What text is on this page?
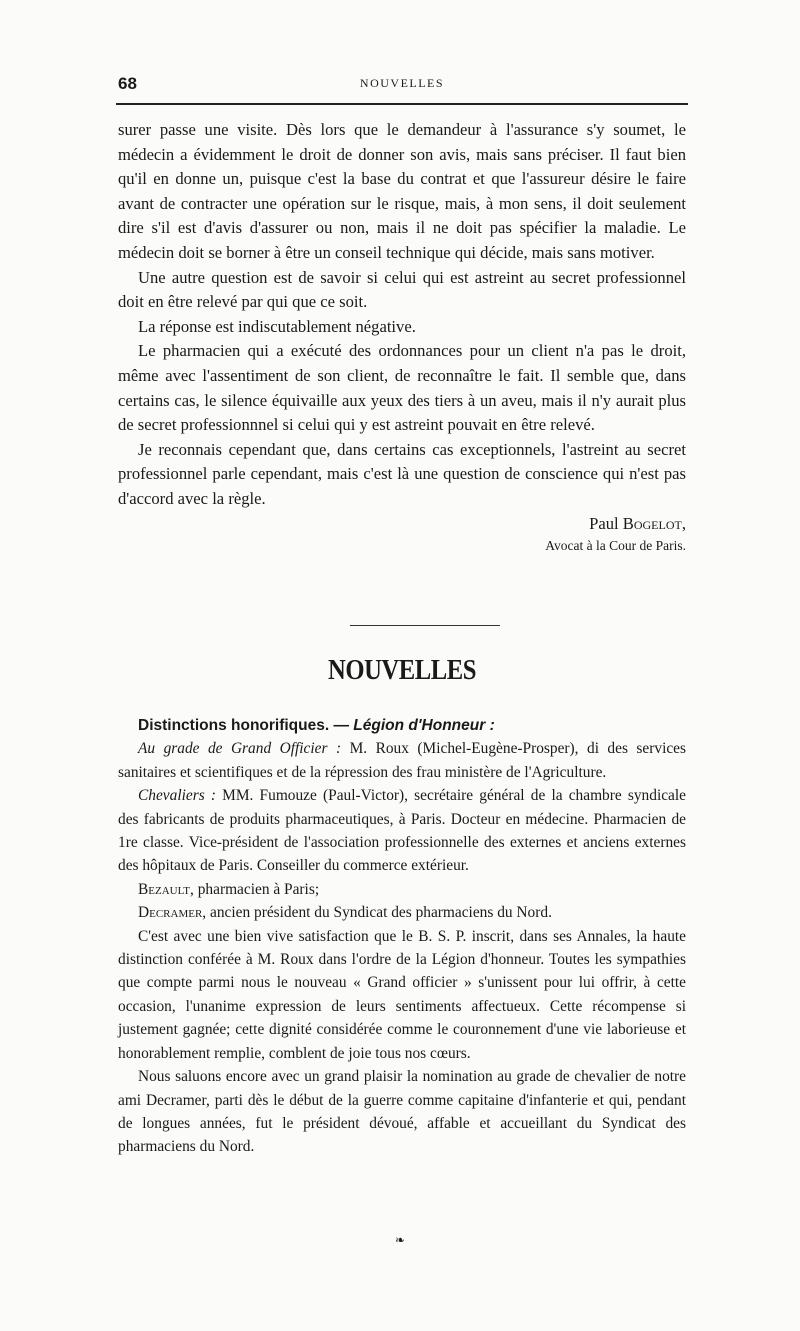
68	NOUVELLES

surer passe une visite. Dès lors que le demandeur à l'assurance s'y soumet, le médecin a évidemment le droit de donner son avis, mais sans préciser. Il faut bien qu'il en donne un, puisque c'est la base du contrat et que l'assureur désire le faire avant de contracter une opération sur le risque, mais, à mon sens, il doit seulement dire s'il est d'avis d'assurer ou non, mais il ne doit pas spécifier la maladie. Le médecin doit se borner à être un conseil technique qui décide, mais sans motiver.

Une autre question est de savoir si celui qui est astreint au secret professionnel doit en être relevé par qui que ce soit.

La réponse est indiscutablement négative.

Le pharmacien qui a exécuté des ordonnances pour un client n'a pas le droit, même avec l'assentiment de son client, de reconnaître le fait. Il semble que, dans certains cas, le silence équivaille aux yeux des tiers à un aveu, mais il n'y aurait plus de secret professionnnel si celui qui y est astreint pouvait en être relevé.

Je reconnais cependant que, dans certains cas exceptionnels, l'astreint au secret professionnel parle cependant, mais c'est là une question de conscience qui n'est pas d'accord avec la règle.

Paul Bogelot,

Avocat à la Cour de Paris.

NOUVELLES

Distinctions honorifiques. — Légion d'Honneur :

Au grade de Grand Officier : M. Roux (Michel-Eugène-Prosper), di des services sanitaires et scientifiques et de la répression des frau ministère de l'Agriculture.

Chevaliers : MM. Fumouze (Paul-Victor), secrétaire général de la chambre syndicale des fabricants de produits pharmaceutiques, à Paris. Docteur en médecine. Pharmacien de 1re classe. Vice-président de l'association professionnelle des externes et anciens externes des hôpitaux de Paris. Conseiller du commerce extérieur.

Bezault, pharmacien à Paris;

Decramer, ancien président du Syndicat des pharmaciens du Nord.

C'est avec une bien vive satisfaction que le B. S. P. inscrit, dans ses Annales, la haute distinction conférée à M. Roux dans l'ordre de la Légion d'honneur. Toutes les sympathies que compte parmi nous le nouveau « Grand officier » s'unissent pour lui offrir, à cette occasion, l'unanime expression de leurs sentiments affectueux. Cette récompense si justement gagnée; cette dignité considérée comme le couronnement d'une vie laborieuse et honorablement remplie, comblent de joie tous nos cœurs.

Nous saluons encore avec un grand plaisir la nomination au grade de chevalier de notre ami Decramer, parti dès le début de la guerre comme capitaine d'infanterie et qui, pendant de longues années, fut le président dévoué, affable et accueillant du Syndicat des pharmaciens du Nord.

❧
